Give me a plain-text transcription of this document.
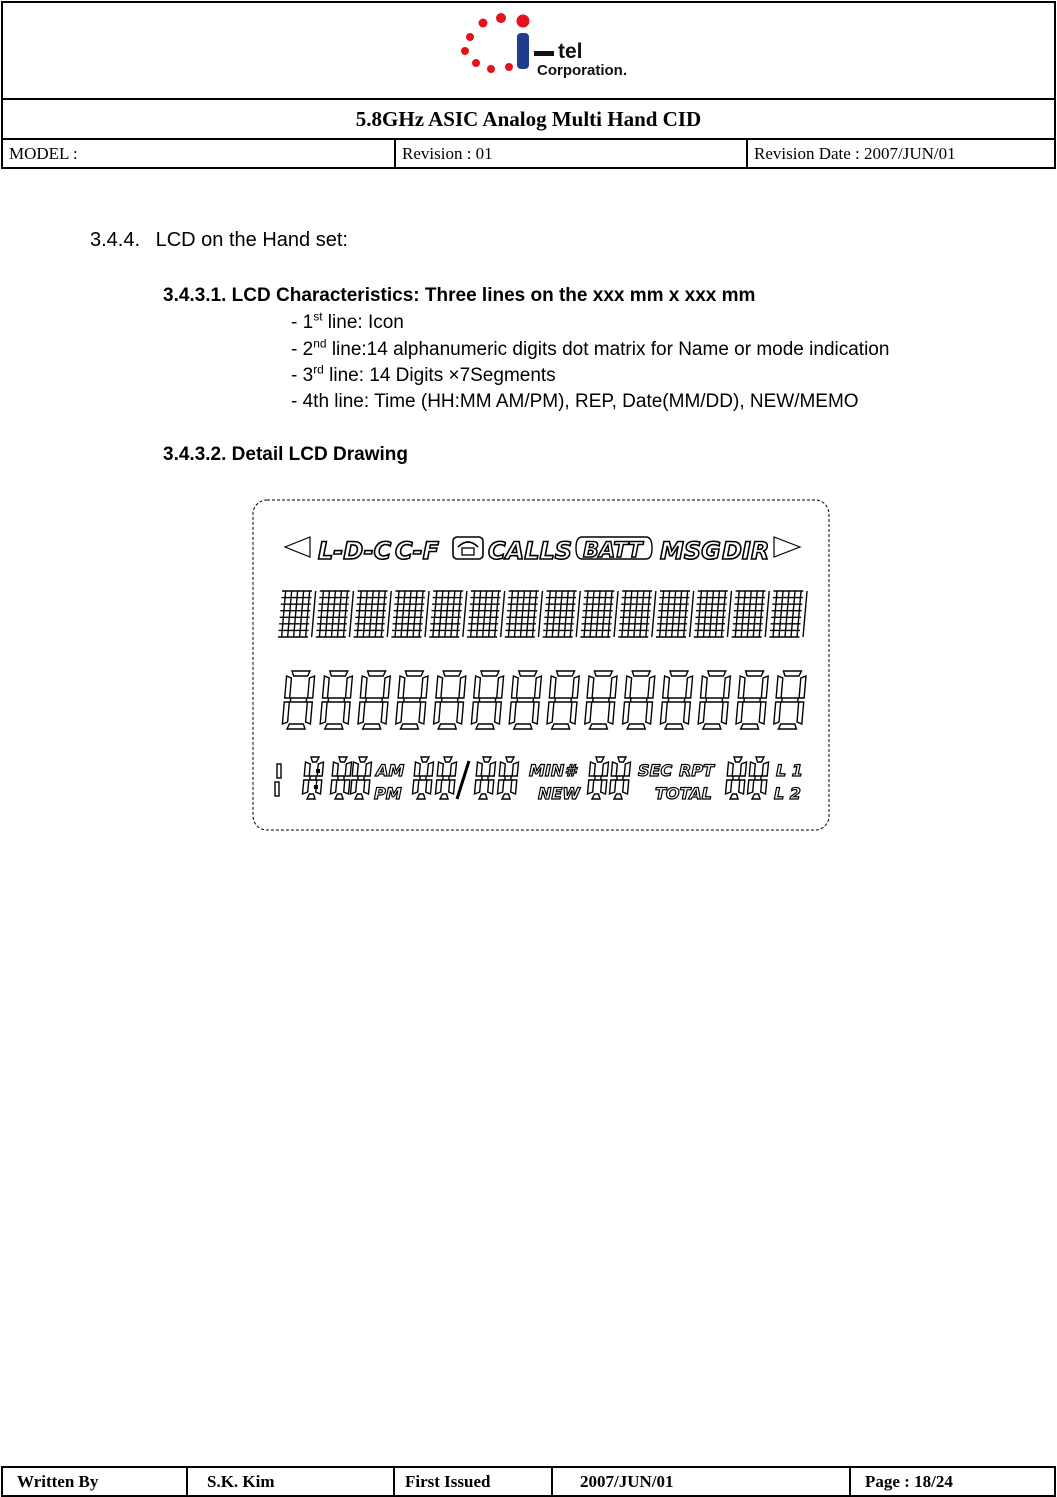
tel
Corporation.
5.8GHz ASIC Analog Multi Hand CID
MODEL :	Revision : 01	Revision Date : 2007/JUN/01
3.4.4. LCD on the Hand set:
3.4.3.1. LCD Characteristics: Three lines on the xxx mm x xxx mm
- 1st line: Icon
- 2nd line:14 alphanumeric digits dot matrix for Name or mode indication
- 3rd line: 14 Digits ×7Segments
- 4th line: Time (HH:MM AM/PM), REP, Date(MM/DD), NEW/MEMO
3.4.3.2. Detail LCD Drawing
L-D-C C-F CALLS BATT MSG DIR
AM
PM
MIN #
NEW
SEC RPT
TOTAL
L 1
L 2
Written By	S.K. Kim	First Issued	2007/JUN/01	Page : 18/24
